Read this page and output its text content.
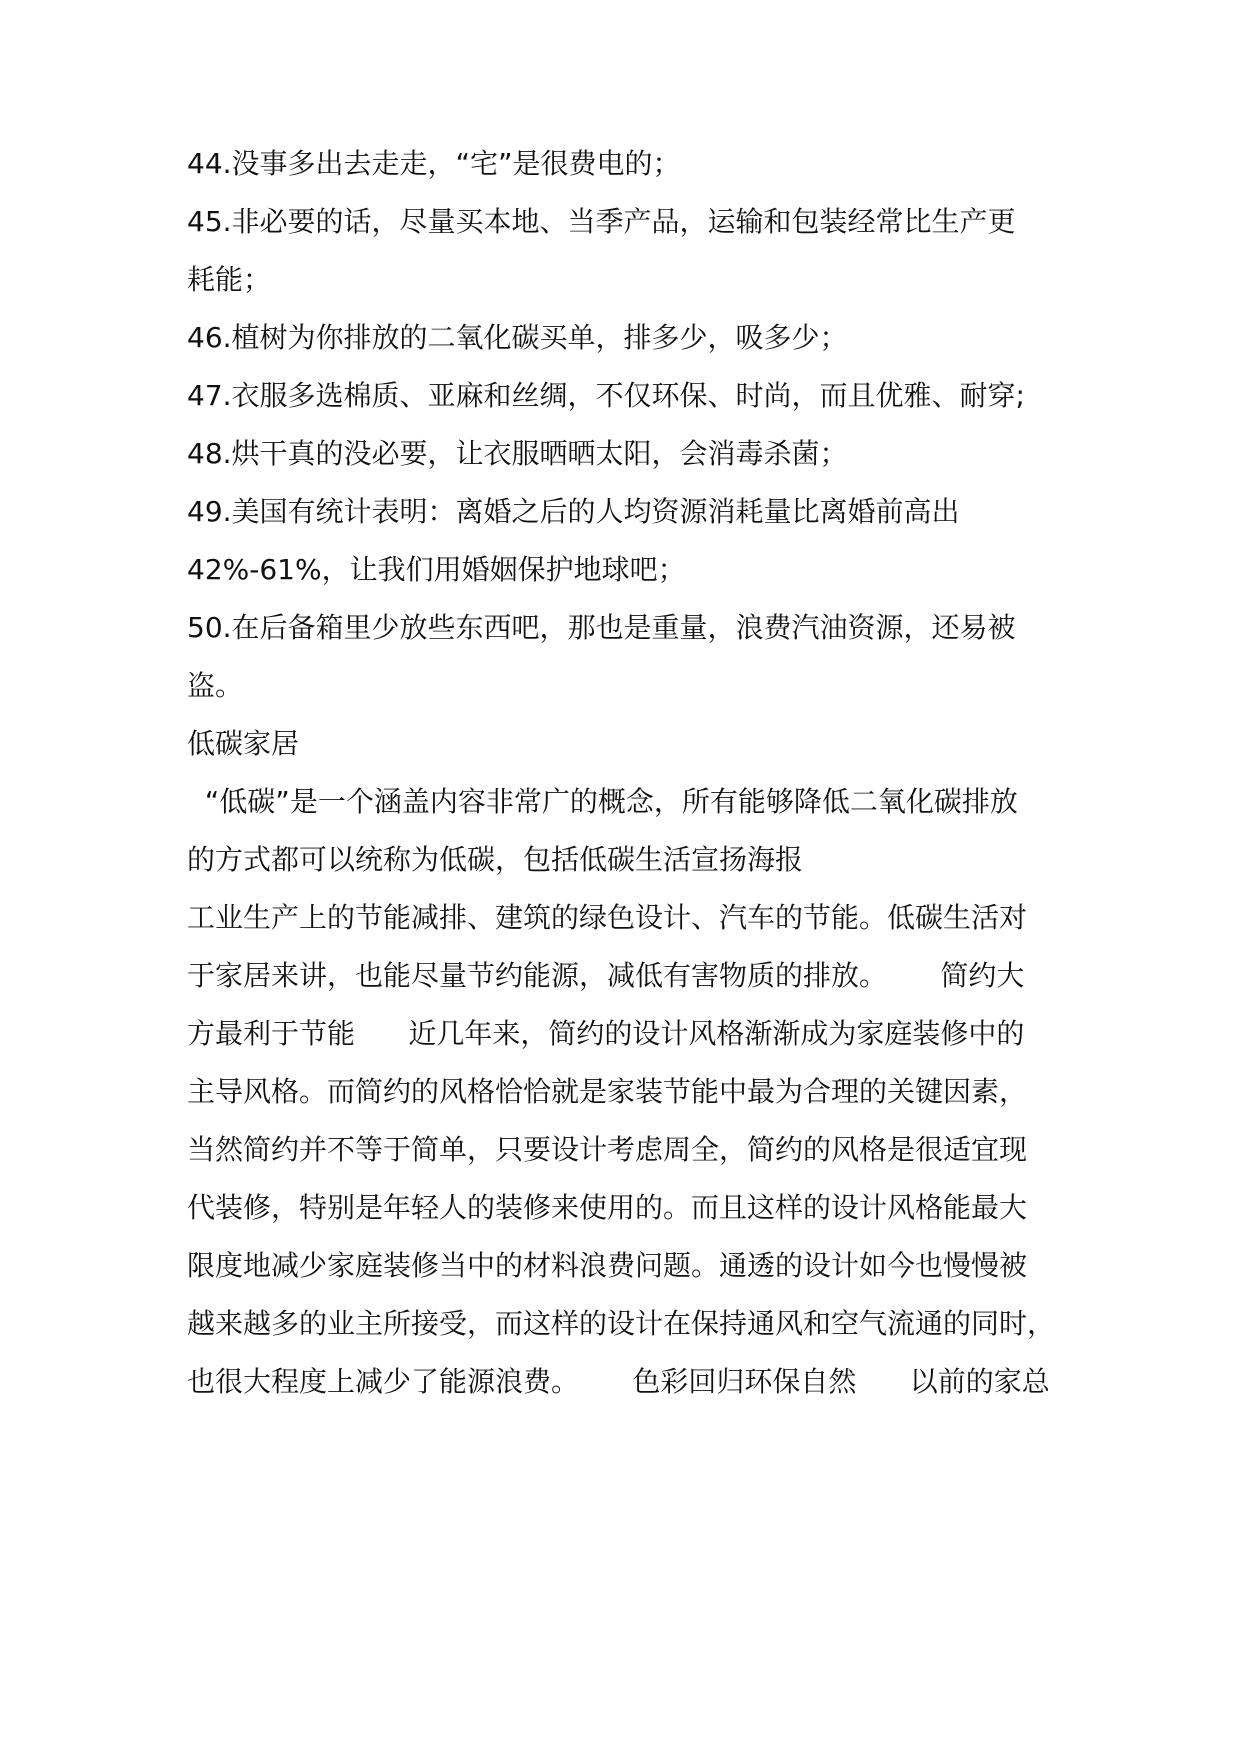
44.没事多出去走走，“宅”是很费电的；
45.非必要的话，尽量买本地、当季产品，运输和包装经常比生产更
耗能；
46.植树为你排放的二氧化碳买单，排多少，吸多少；
47.衣服多选棉质、亚麻和丝绸，不仅环保、时尚，而且优雅、耐穿;
48.烘干真的没必要，让衣服晒晒太阳，会消毒杀菌；
49.美国有统计表明：离婚之后的人均资源消耗量比离婚前高出
42%-61%，让我们用婚姻保护地球吧；
50.在后备箱里少放些东西吧，那也是重量，浪费汽油资源，还易被
盗。
低碳家居
“低碳”是一个涵盖内容非常广的概念，所有能够降低二氧化碳排放
的方式都可以统称为低碳，包括低碳生活宣扬海报
工业生产上的节能减排、建筑的绿色设计、汽车的节能。低碳生活对
于家居来讲，也能尽量节约能源，减低有害物质的排放。      简约大
方最利于节能      近几年来，简约的设计风格渐渐成为家庭装修中的
主导风格。而简约的风格恰恰就是家装节能中最为合理的关键因素，
当然简约并不等于简单，只要设计考虑周全，简约的风格是很适宜现
代装修，特别是年轻人的装修来使用的。而且这样的设计风格能最大
限度地减少家庭装修当中的材料浪费问题。通透的设计如今也慢慢被
越来越多的业主所接受，而这样的设计在保持通风和空气流通的同时，
也很大程度上减少了能源浪费。      色彩回归环保自然      以前的家总
